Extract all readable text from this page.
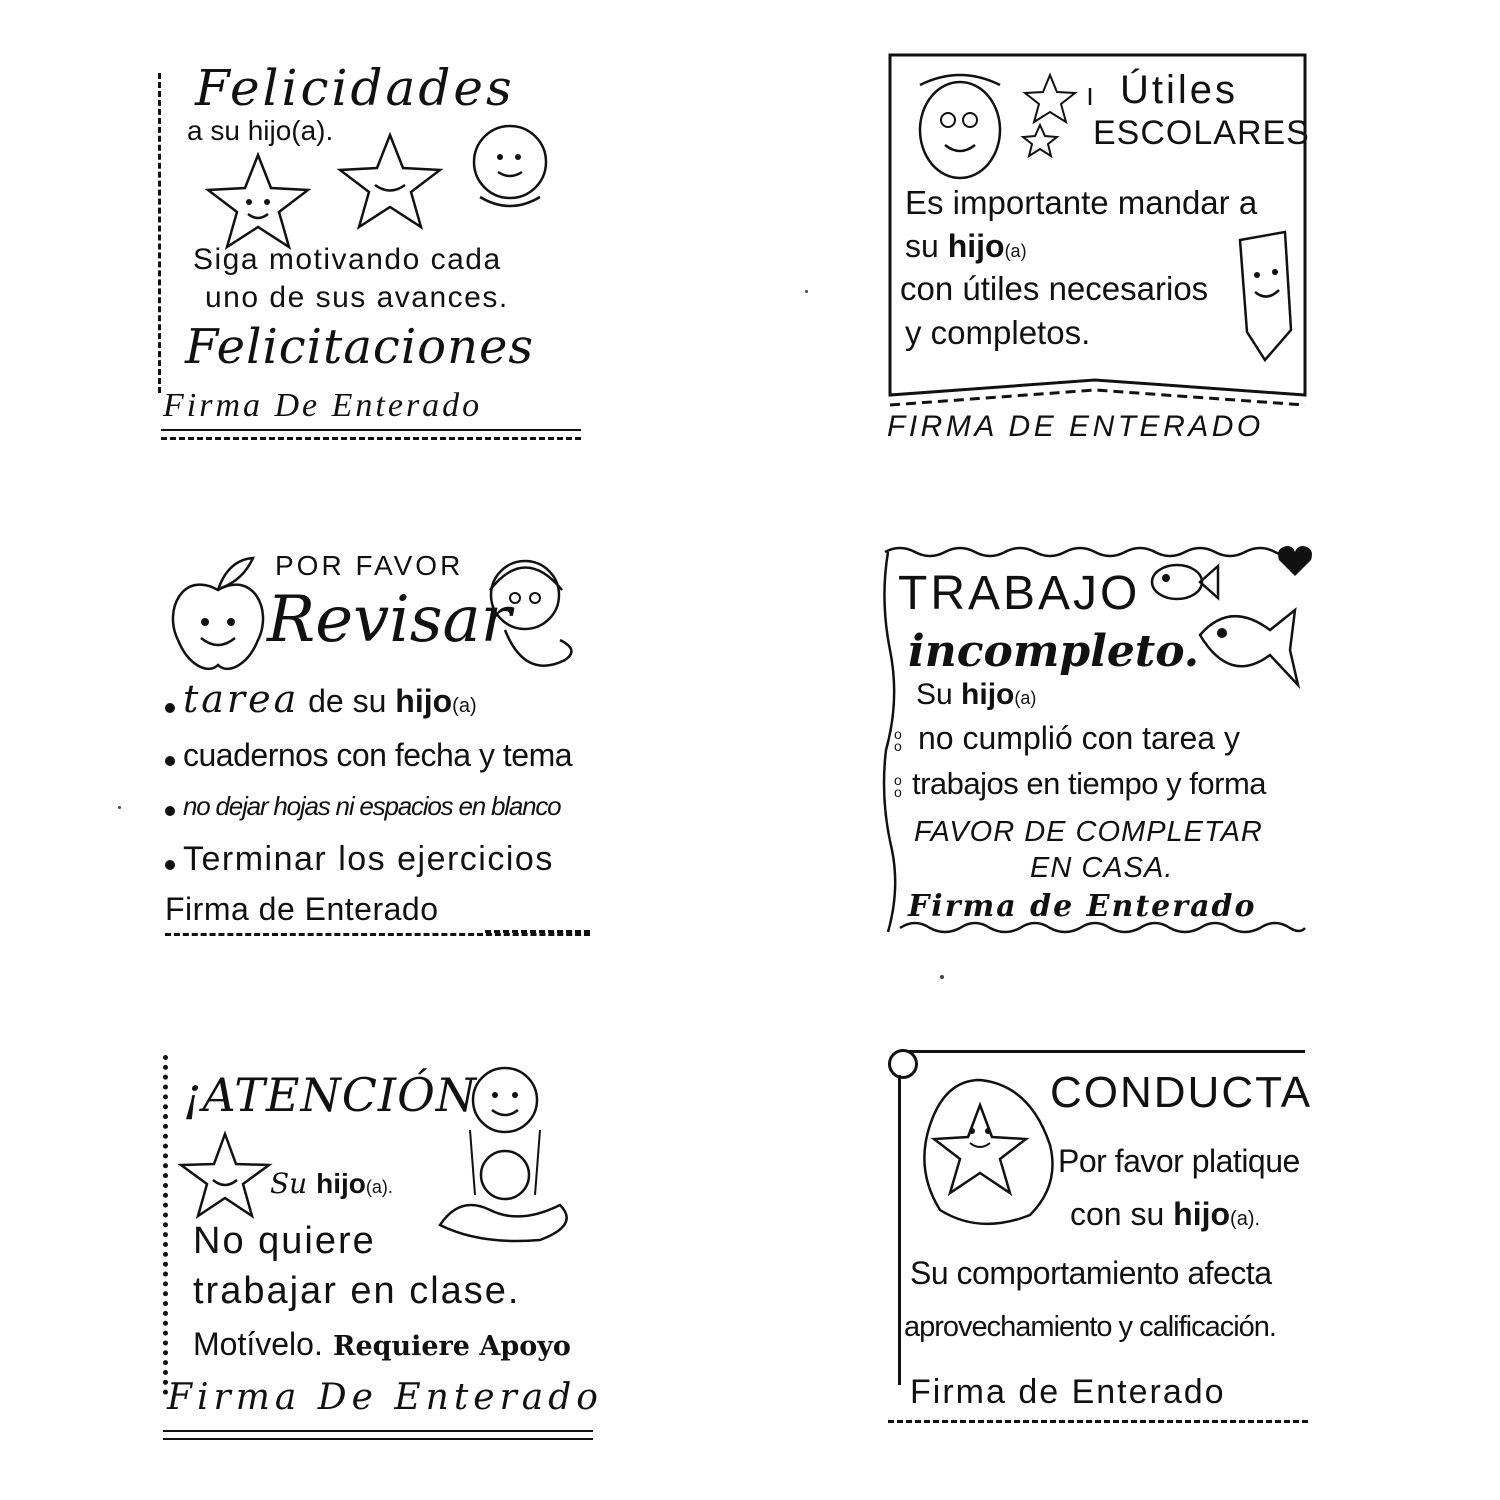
Felicidades
a su hijo(a).
Siga motivando cada
uno de sus avances.
Felicitaciones
Firma De Enterado
Útiles
ESCOLARES
Es importante mandar a
su hijo(a)
con útiles necesarios
y completos.
FIRMA DE ENTERADO
POR FAVOR
Revisar
tarea de su hijo(a)
cuadernos con fecha y tema
no dejar hojas ni espacios en blanco
Terminar los ejercicios
Firma de Enterado
TRABAJO
incompleto.
Su hijo(a)
o
o no cumplió con tarea y
o
o trabajos en tiempo y forma
FAVOR DE COMPLETAR
EN CASA.
Firma de Enterado
¡ATENCIÓN
Su hijo(a).
No quiere
trabajar en clase.
Motívelo. Requiere Apoyo
Firma De Enterado
CONDUCTA
Por favor platique
con su hijo(a).
Su comportamiento afecta
aprovechamiento y calificación.
Firma de Enterado
